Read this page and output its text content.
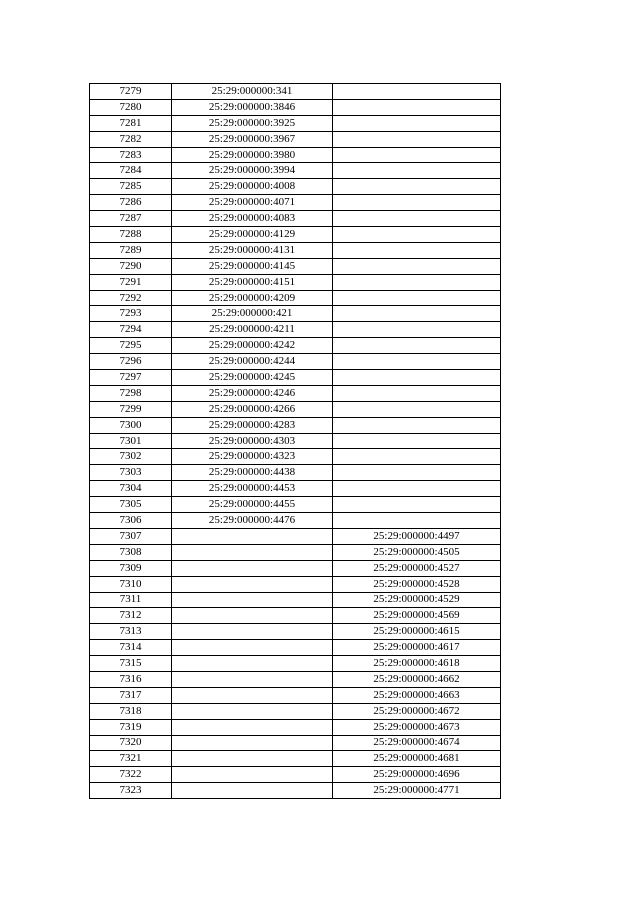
7279	25:29:000000:341	
7280	25:29:000000:3846	
7281	25:29:000000:3925	
7282	25:29:000000:3967	
7283	25:29:000000:3980	
7284	25:29:000000:3994	
7285	25:29:000000:4008	
7286	25:29:000000:4071	
7287	25:29:000000:4083	
7288	25:29:000000:4129	
7289	25:29:000000:4131	
7290	25:29:000000:4145	
7291	25:29:000000:4151	
7292	25:29:000000:4209	
7293	25:29:000000:421	
7294	25:29:000000:4211	
7295	25:29:000000:4242	
7296	25:29:000000:4244	
7297	25:29:000000:4245	
7298	25:29:000000:4246	
7299	25:29:000000:4266	
7300	25:29:000000:4283	
7301	25:29:000000:4303	
7302	25:29:000000:4323	
7303	25:29:000000:4438	
7304	25:29:000000:4453	
7305	25:29:000000:4455	
7306	25:29:000000:4476	
7307		25:29:000000:4497
7308		25:29:000000:4505
7309		25:29:000000:4527
7310		25:29:000000:4528
7311		25:29:000000:4529
7312		25:29:000000:4569
7313		25:29:000000:4615
7314		25:29:000000:4617
7315		25:29:000000:4618
7316		25:29:000000:4662
7317		25:29:000000:4663
7318		25:29:000000:4672
7319		25:29:000000:4673
7320		25:29:000000:4674
7321		25:29:000000:4681
7322		25:29:000000:4696
7323		25:29:000000:4771
